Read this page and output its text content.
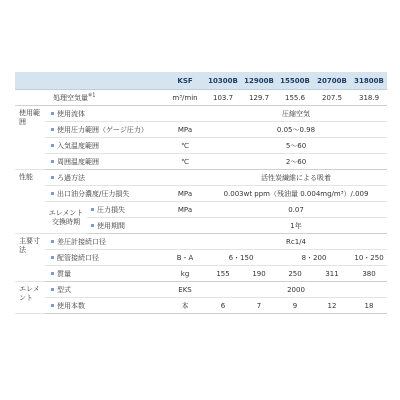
			KSF	10300B	12900B	15500B	20700B	31800B
処理空気量$^{※1}$			m³/min	103.7	129.7	155.6	207.5	318.9
使用範囲	使用流体			圧縮空気				
	使用圧力範囲（ゲージ圧力）		MPa	0.05～0.98				
	入気温度範囲		℃	5～60				
	周囲温度範囲		℃	2～60				
性能	ろ過方法			活性炭繊維による吸着				
	出口油分濃度/圧力損失		MPa	0.003wt ppm（残油量 0.004mg/m³）/.009				
	エレメント交換時期	圧力損失	MPa	0.07				
		使用期間		1年				
主要寸法	差圧計接続口径			Rc1/4				
	配管接続口径		B・A	6・150		8・200		10・250
	質量		kg	155	190	250	311	380
エレメント	型式		EKS	2000				
	使用本数		本	6	7	9	12	18
